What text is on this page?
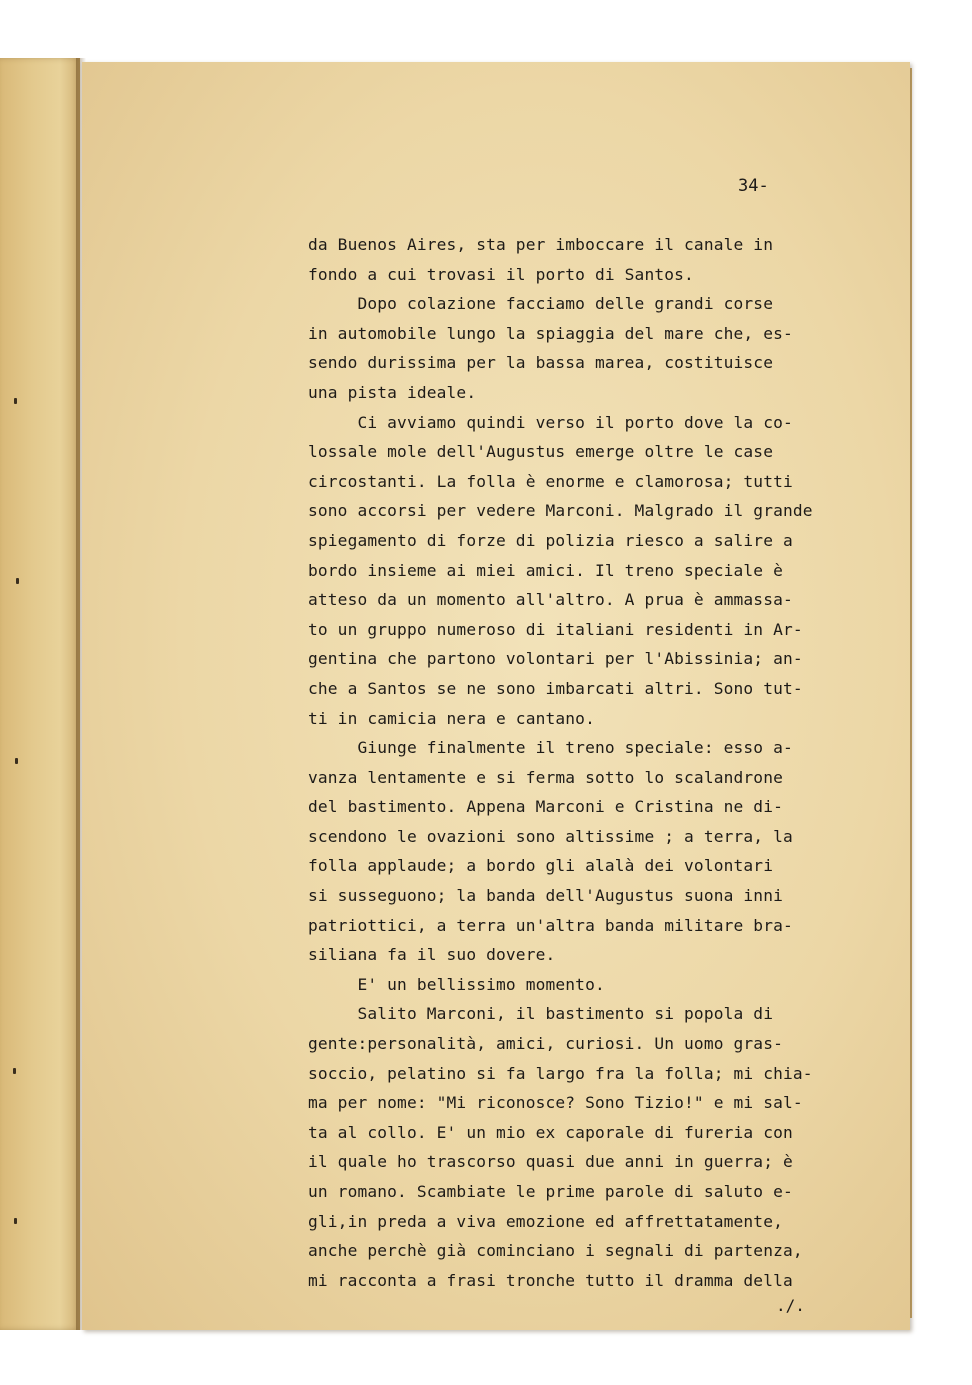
34-
da Buenos Aires, sta per imboccare il canale in
fondo a cui trovasi il porto di Santos.
Dopo colazione facciamo delle grandi corse
in automobile lungo la spiaggia del mare che, es-
sendo durissima per la bassa marea, costituisce
una pista ideale.
Ci avviamo quindi verso il porto dove la co-
lossale mole dell'Augustus emerge oltre le case
circostanti. La folla è enorme e clamorosa; tutti
sono accorsi per vedere Marconi. Malgrado il grande
spiegamento di forze di polizia riesco a salire a
bordo insieme ai miei amici. Il treno speciale è
atteso da un momento all'altro. A prua è ammassa-
to un gruppo numeroso di italiani residenti in Ar-
gentina che partono volontari per l'Abissinia; an-
che a Santos se ne sono imbarcati altri. Sono tut-
ti in camicia nera e cantano.
Giunge finalmente il treno speciale: esso a-
vanza lentamente e si ferma sotto lo scalandrone
del bastimento. Appena Marconi e Cristina ne di-
scendono le ovazioni sono altissime ; a terra, la
folla applaude; a bordo gli alalà dei volontari
si susseguono; la banda dell'Augustus suona inni
patriottici, a terra un'altra banda militare bra-
siliana fa il suo dovere.
E' un bellissimo momento.
Salito Marconi, il bastimento si popola di
gente:personalità, amici, curiosi. Un uomo gras-
soccio, pelatino si fa largo fra la folla; mi chia-
ma per nome: "Mi riconosce? Sono Tizio!" e mi sal-
ta al collo. E' un mio ex caporale di fureria con
il quale ho trascorso quasi due anni in guerra; è
un romano. Scambiate le prime parole di saluto e-
gli,in preda a viva emozione ed affrettatamente,
anche perchè già cominciano i segnali di partenza,
mi racconta a frasi tronche tutto il dramma della
./.
